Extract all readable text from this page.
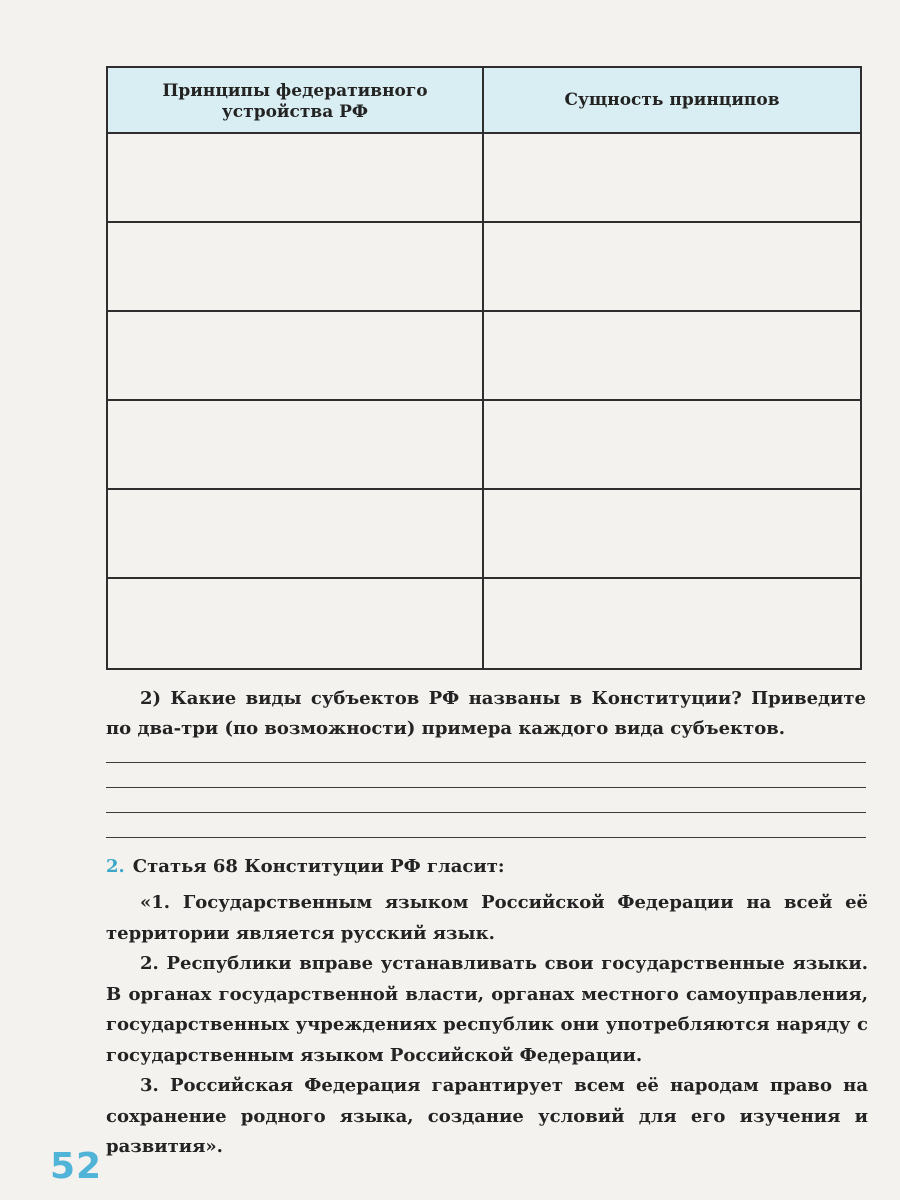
Принципы федеративного устройства РФ
Сущность принципов
2) Какие виды субъектов РФ названы в Конституции? Приведите по два-три (по возможности) примера каждого вида субъектов.
2. Статья 68 Конституции РФ гласит:

«1. Государственным языком Российской Федерации на всей её территории является русский язык.

2. Республики вправе устанавливать свои государственные языки. В органах государственной власти, органах местного самоуправления, государственных учреждениях республик они употребляются наряду с государственным языком Российской Федерации.

3. Российская Федерация гарантирует всем её народам право на сохранение родного языка, создание условий для его изучения и развития».

52
